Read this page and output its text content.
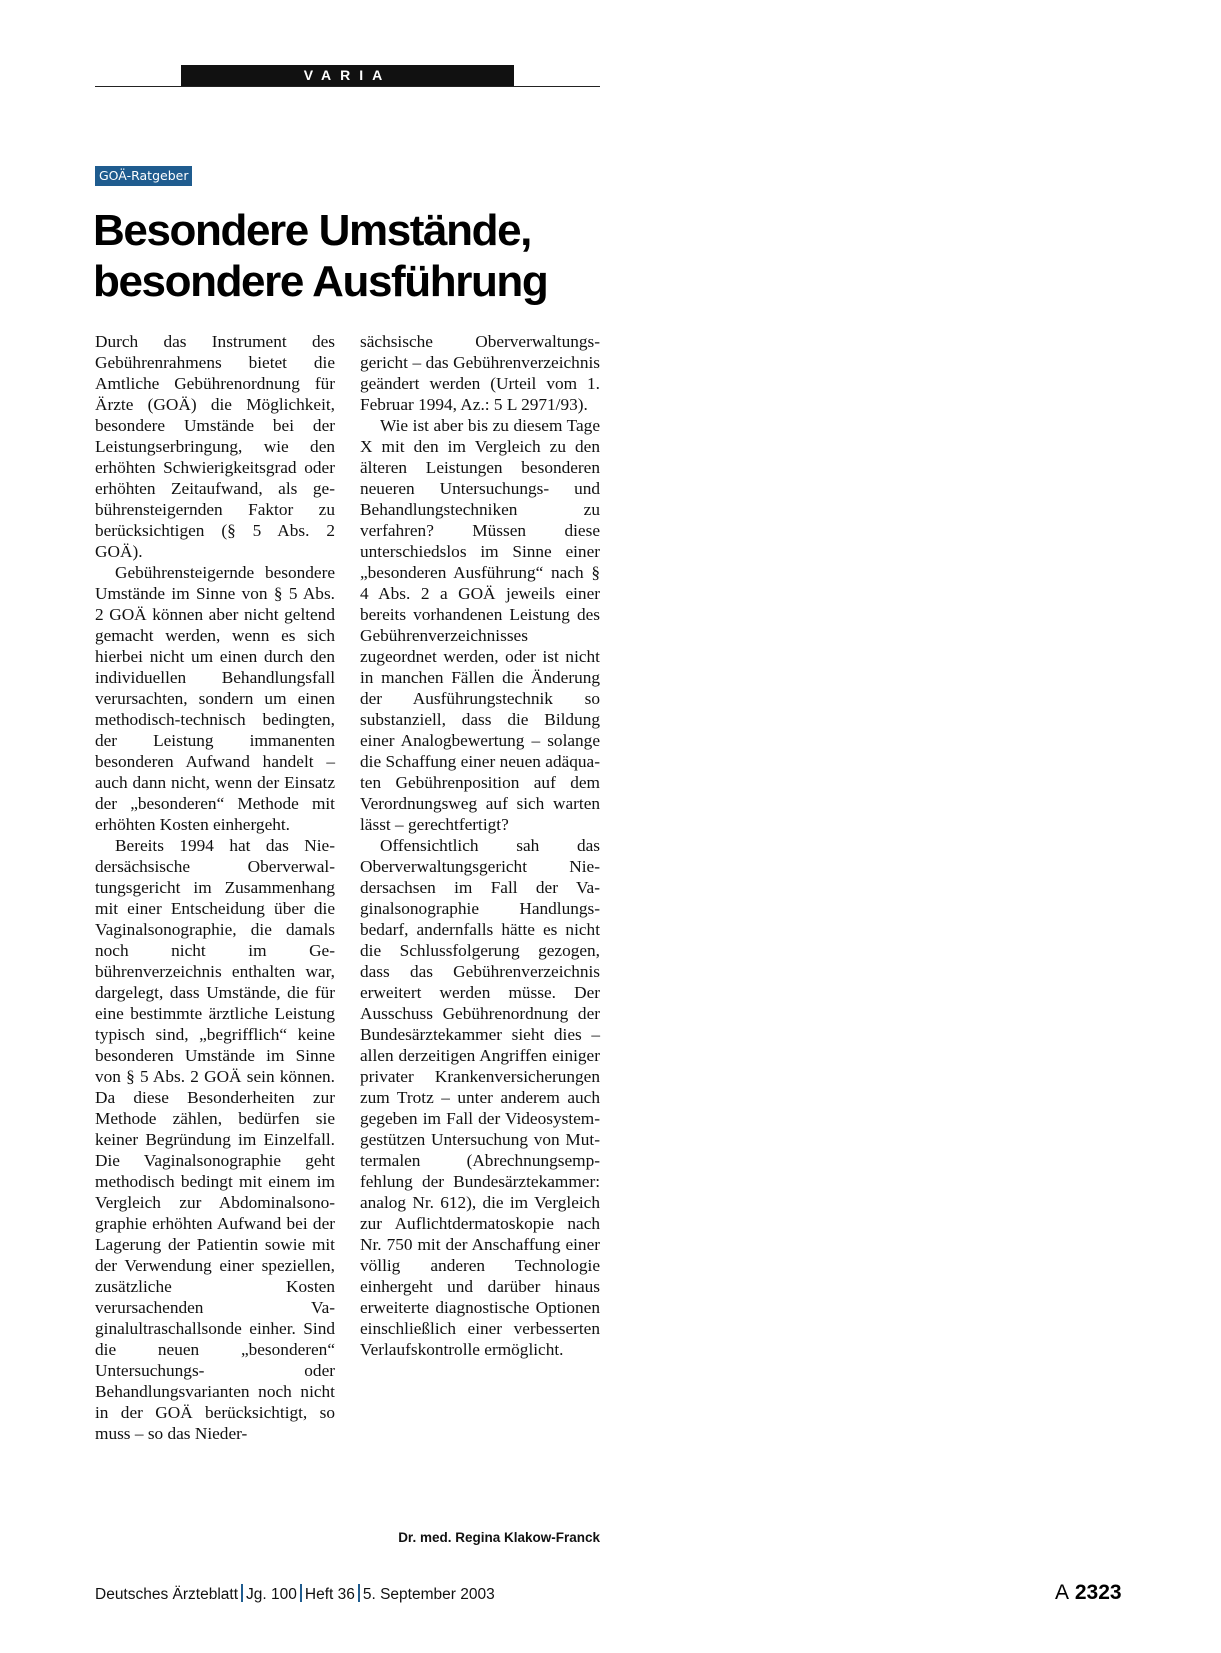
VARIA
GOÄ-Ratgeber
Besondere Umstände,
besondere Ausführung

Durch das Instrument des Gebührenrahmens bietet die Amtliche Gebührenordnung für Ärzte (GOÄ) die Möglichkeit, besondere Umstände bei der Leistungserbringung, wie den erhöhten Schwierigkeitsgrad oder erhöhten Zeitaufwand, als gebührensteigernden Faktor zu berücksichtigen (§ 5 Abs. 2 GOÄ).

Gebührensteigernde besondere Umstände im Sinne von § 5 Abs. 2 GOÄ können aber nicht geltend gemacht werden, wenn es sich hierbei nicht um einen durch den individuellen Behandlungsfall verursachten, sondern um einen methodisch-technisch bedingten, der Leistung immanenten besonderen Aufwand handelt – auch dann nicht, wenn der Einsatz der „besonderen“ Methode mit erhöhten Kosten einhergeht.

Bereits 1994 hat das Niedersächsische Oberverwaltungsgericht im Zusammenhang mit einer Entscheidung über die Vaginalsonographie, die damals noch nicht im Gebührenverzeichnis enthalten war, dargelegt, dass Umstände, die für eine bestimmte ärztliche Leistung typisch sind, „begrifflich“ keine besonderen Umstände im Sinne von § 5 Abs. 2 GOÄ sein können. Da diese Besonderheiten zur Methode zählen, bedürfen sie keiner Begründung im Einzelfall. Die Vaginalsonographie geht methodisch bedingt mit einem im Vergleich zur Abdominalsonographie erhöhten Aufwand bei der Lagerung der Patientin sowie mit der Verwendung einer speziellen, zusätzliche Kosten verursachenden Vaginalultraschallsonde einher. Sind die neuen „besonderen“ Untersuchungs- oder Behandlungsvarianten noch nicht in der GOÄ berücksichtigt, so muss – so das Nieder-

sächsische Oberverwaltungsgericht – das Gebührenverzeichnis geändert werden (Urteil vom 1. Februar 1994, Az.: 5 L 2971/93).

Wie ist aber bis zu diesem Tage X mit den im Vergleich zu den älteren Leistungen besonderen neueren Untersuchungs- und Behandlungstechniken zu verfahren? Müssen diese unterschiedslos im Sinne einer „besonderen Ausführung“ nach § 4 Abs. 2 a GOÄ jeweils einer bereits vorhandenen Leistung des Gebührenverzeichnisses zugeordnet werden, oder ist nicht in manchen Fällen die Änderung der Ausführungstechnik so substanziell, dass die Bildung einer Analogbewertung – solange die Schaffung einer neuen adäquaten Gebührenposition auf dem Verordnungsweg auf sich warten lässt – gerechtfertigt?

Offensichtlich sah das Oberverwaltungsgericht Niedersachsen im Fall der Vaginalsonographie Handlungsbedarf, andernfalls hätte es nicht die Schlussfolgerung gezogen, dass das Gebührenverzeichnis erweitert werden müsse. Der Ausschuss Gebührenordnung der Bundesärztekammer sieht dies – allen derzeitigen Angriffen einiger privater Krankenversicherungen zum Trotz – unter anderem auch gegeben im Fall der Videosystem-gestützen Untersuchung von Muttermalen (Abrechnungsempfehlung der Bundesärztekammer: analog Nr. 612), die im Vergleich zur Auflichtdermatoskopie nach Nr. 750 mit der Anschaffung einer völlig anderen Technologie einhergeht und darüber hinaus erweiterte diagnostische Optionen einschließlich einer verbesserten Verlaufskontrolle ermöglicht.

Dr. med. Regina Klakow-Franck
Deutsches Ärzteblatt Jg. 100 Heft 36 5. September 2003	A 2323
